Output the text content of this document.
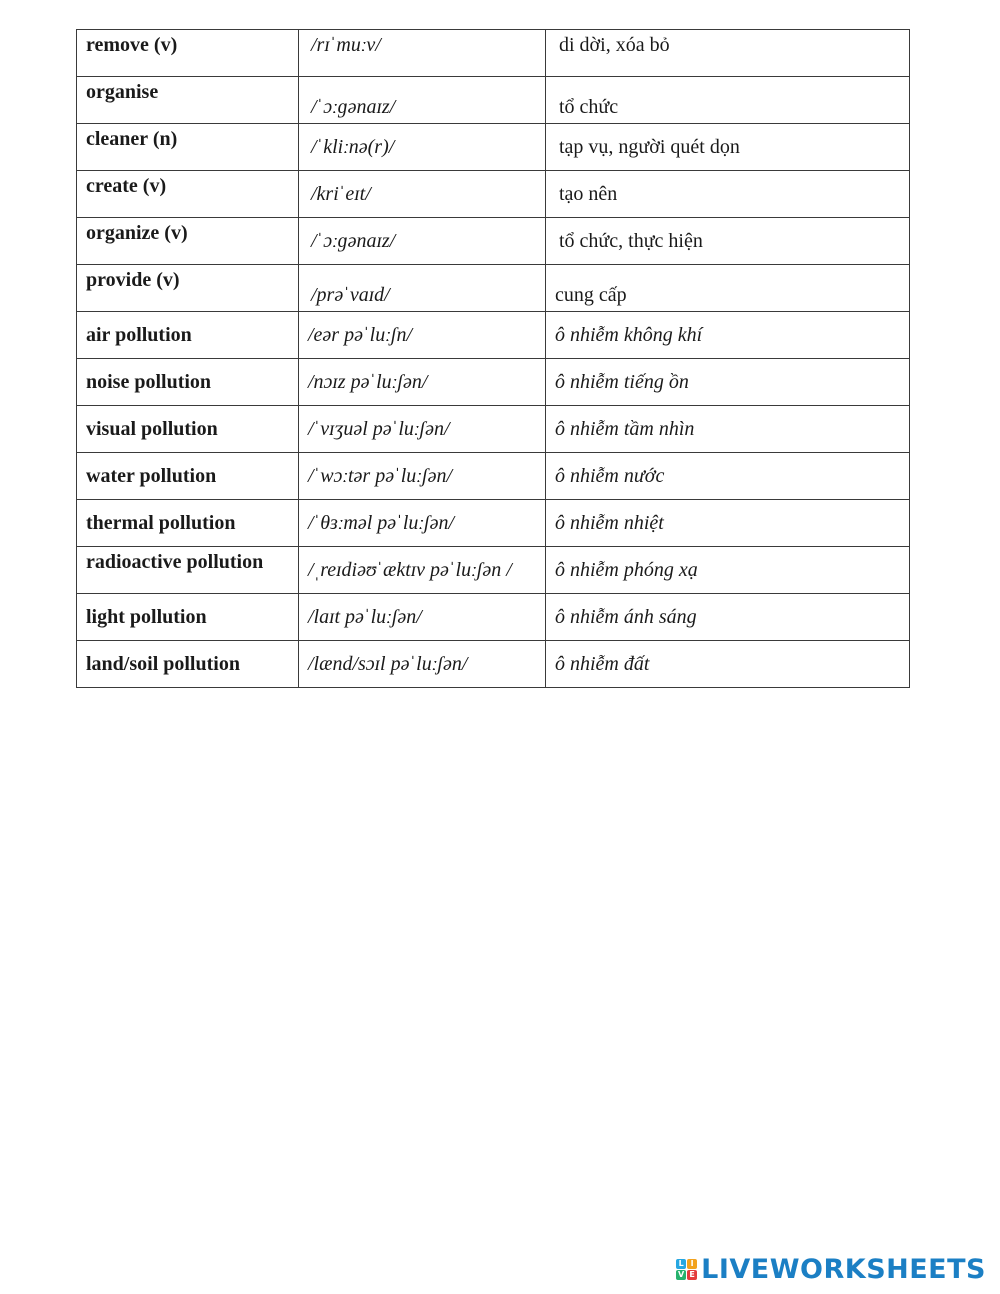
remove (v)	/rɪˈmuːv/	di dời, xóa bỏ

organise	/ˈɔːɡənaɪz/	tổ chức

cleaner (n)	/ˈkliːnə(r)/	tạp vụ, người quét dọn

create (v)	/kriˈeɪt/	tạo nên

organize (v)	/ˈɔːɡənaɪz/	tổ chức, thực hiện

provide (v)	/prəˈvaɪd/	cung cấp

air pollution	/eər pəˈluːʃn/	ô nhiễm không khí

noise pollution	/nɔɪz pəˈluːʃən/	ô nhiễm tiếng ồn

visual pollution	/ˈvɪʒuəl pəˈluːʃən/	ô nhiễm tầm nhìn

water pollution	/ˈwɔːtər pəˈluːʃən/	ô nhiễm nước

thermal pollution	/ˈθɜːməl pəˈluːʃən/	ô nhiễm nhiệt

radioactive pollution	/ˌreɪdiəʊˈæktɪv pəˈluːʃən /	ô nhiễm phóng xạ

light pollution	/laɪt pəˈluːʃən/	ô nhiễm ánh sáng

land/soil pollution	/lænd/sɔɪl pəˈluːʃən/	ô nhiễm đất
L I
V E LIVEWORKSHEETS
